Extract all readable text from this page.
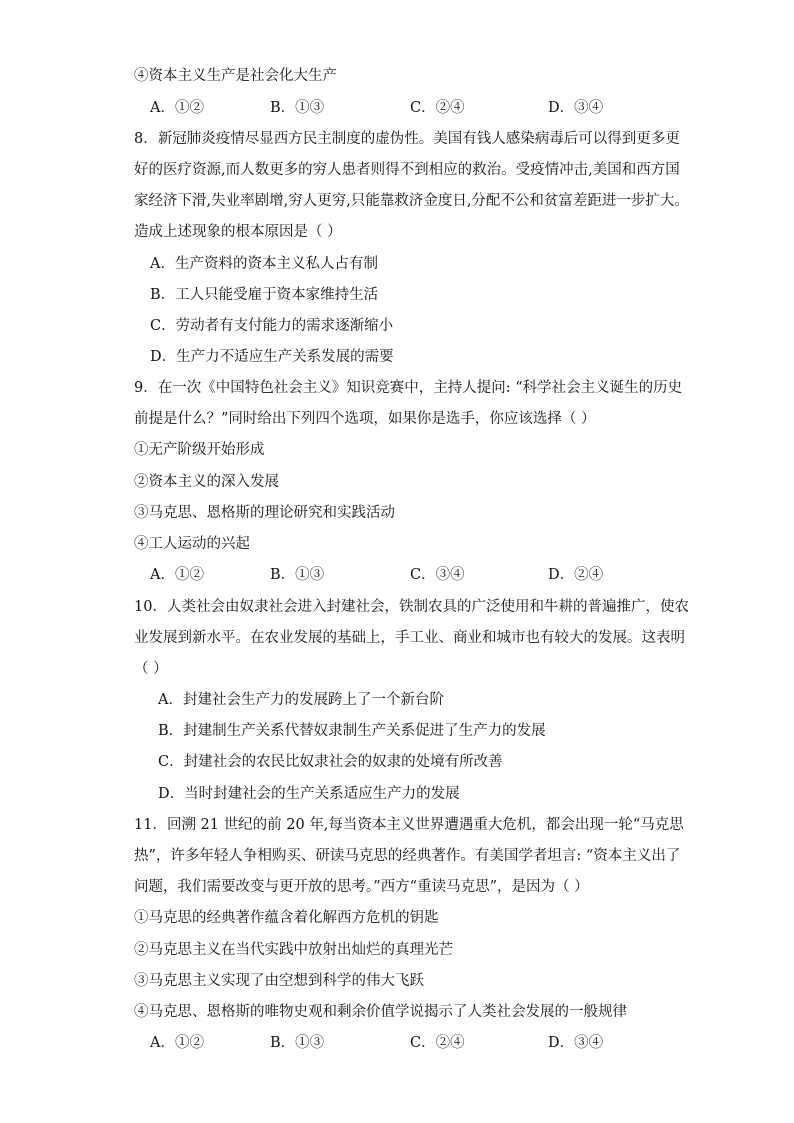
④资本主义生产是社会化大生产
A．①②	B．①③	C．②④	D．③④
8．新冠肺炎疫情尽显西方民主制度的虚伪性。美国有钱人感染病毒后可以得到更多更
好的医疗资源,而人数更多的穷人患者则得不到相应的救治。受疫情冲击,美国和西方国
家经济下滑,失业率剧增,穷人更穷,只能靠救济金度日,分配不公和贫富差距进一步扩大。
造成上述现象的根本原因是（ ）
A．生产资料的资本主义私人占有制
B．工人只能受雇于资本家维持生活
C．劳动者有支付能力的需求逐渐缩小
D．生产力不适应生产关系发展的需要
9．在一次《中国特色社会主义》知识竞赛中，主持人提问: “科学社会主义诞生的历史
前提是什么？”同时给出下列四个选项，如果你是选手，你应该选择（ ）
①无产阶级开始形成
②资本主义的深入发展
③马克思、恩格斯的理论研究和实践活动
④工人运动的兴起
A．①②	B．①③	C．③④	D．②④
10．人类社会由奴隶社会进入封建社会，铁制农具的广泛使用和牛耕的普遍推广，使农
业发展到新水平。在农业发展的基础上，手工业、商业和城市也有较大的发展。这表明
（ ）
A．封建社会生产力的发展跨上了一个新台阶
B．封建制生产关系代替奴隶制生产关系促进了生产力的发展
C．封建社会的农民比奴隶社会的奴隶的处境有所改善
D．当时封建社会的生产关系适应生产力的发展
11．回溯 21 世纪的前 20 年,每当资本主义世界遭遇重大危机，都会出现一轮“马克思
热”，许多年轻人争相购买、研读马克思的经典著作。有美国学者坦言: “资本主义出了
问题，我们需要改变与更开放的思考。”西方“重读马克思”，是因为（ ）
①马克思的经典著作蕴含着化解西方危机的钥匙
②马克思主义在当代实践中放射出灿烂的真理光芒
③马克思主义实现了由空想到科学的伟大飞跃
④马克思、恩格斯的唯物史观和剩余价值学说揭示了人类社会发展的一般规律
A．①②	B．①③	C．②④	D．③④
